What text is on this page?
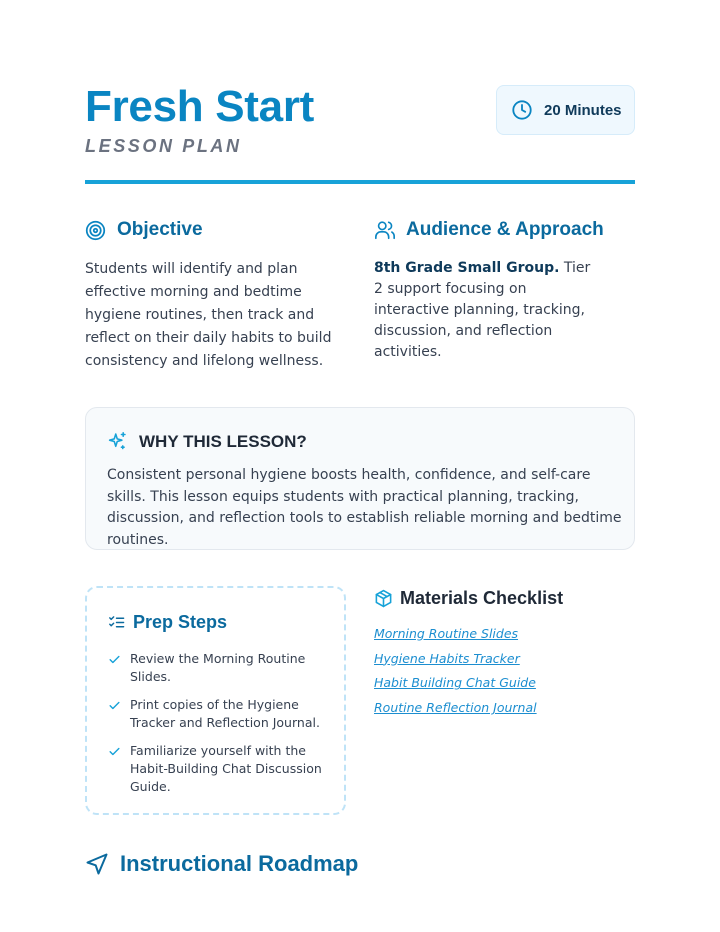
Fresh Start
LESSON PLAN
20 Minutes
Objective

Students will identify and plan effective morning and bedtime hygiene routines, then track and reflect on their daily habits to build consistency and lifelong wellness.

Audience & Approach

8th Grade Small Group. Tier 2 support focusing on interactive planning, tracking, discussion, and reflection activities.

WHY THIS LESSON?

Consistent personal hygiene boosts health, confidence, and self-care skills. This lesson equips students with practical planning, tracking, discussion, and reflection tools to establish reliable morning and bedtime routines.

Prep Steps
Review the Morning Routine Slides.
Print copies of the Hygiene Tracker and Reflection Journal.
Familiarize yourself with the Habit-Building Chat Discussion Guide.
Materials Checklist
Morning Routine Slides
Hygiene Habits Tracker
Habit Building Chat Guide
Routine Reflection Journal
Instructional Roadmap
